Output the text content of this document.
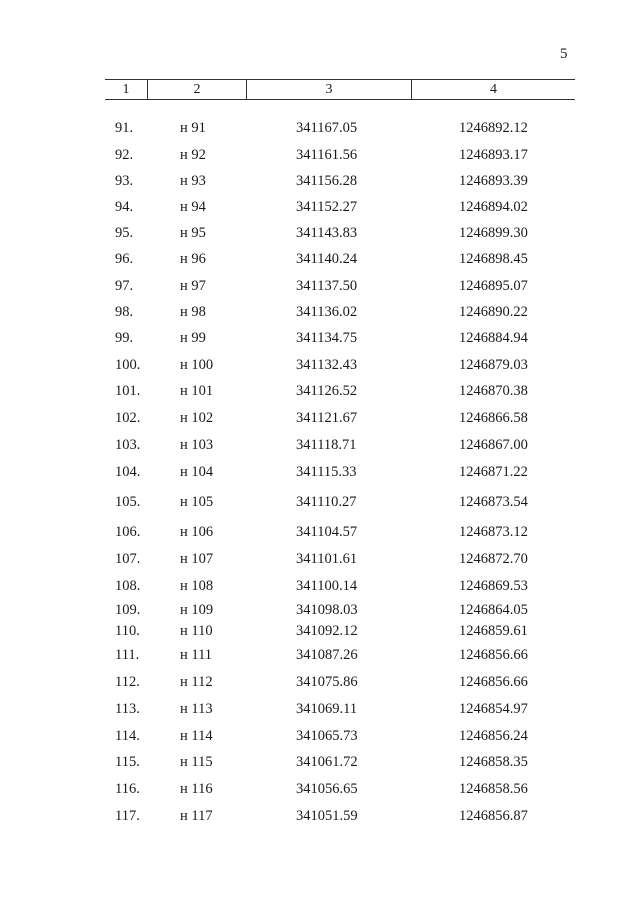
5
1	2	3	4
91.	н 91	341167.05	1246892.12
92.	н 92	341161.56	1246893.17
93.	н 93	341156.28	1246893.39
94.	н 94	341152.27	1246894.02
95.	н 95	341143.83	1246899.30
96.	н 96	341140.24	1246898.45
97.	н 97	341137.50	1246895.07
98.	н 98	341136.02	1246890.22
99.	н 99	341134.75	1246884.94
100.	н 100	341132.43	1246879.03
101.	н 101	341126.52	1246870.38
102.	н 102	341121.67	1246866.58
103.	н 103	341118.71	1246867.00
104.	н 104	341115.33	1246871.22
105.	н 105	341110.27	1246873.54
106.	н 106	341104.57	1246873.12
107.	н 107	341101.61	1246872.70
108.	н 108	341100.14	1246869.53
109.	н 109	341098.03	1246864.05
110.	н 110	341092.12	1246859.61
111.	н 111	341087.26	1246856.66
112.	н 112	341075.86	1246856.66
113.	н 113	341069.11	1246854.97
114.	н 114	341065.73	1246856.24
115.	н 115	341061.72	1246858.35
116.	н 116	341056.65	1246858.56
117.	н 117	341051.59	1246856.87
